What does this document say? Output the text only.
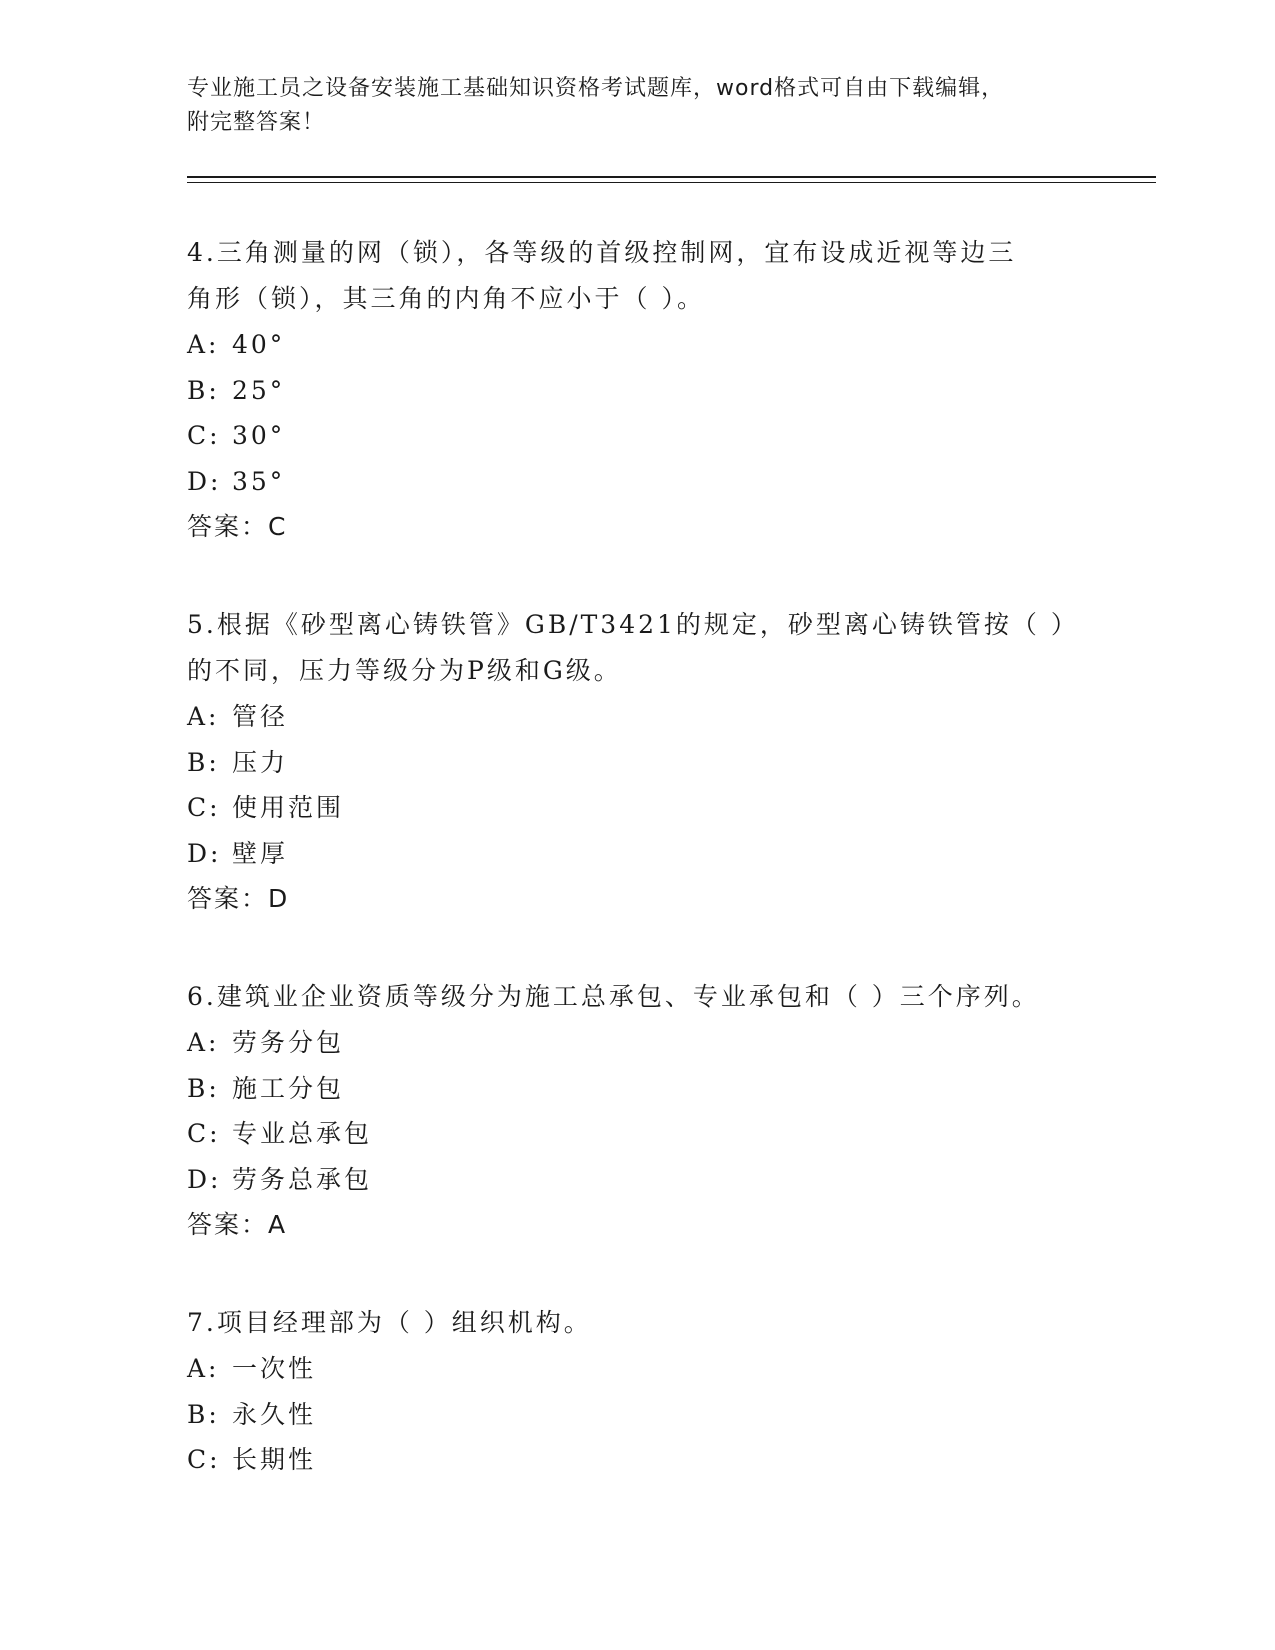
专业施工员之设备安装施工基础知识资格考试题库，word格式可自由下载编辑，
附完整答案！

4.三角测量的网（锁），各等级的首级控制网，宜布设成近视等边三

角形（锁），其三角的内角不应小于（ ）。

A: 40°

B: 25°

C: 30°

D: 35°

答案：C

5.根据《砂型离心铸铁管》GB/T3421的规定，砂型离心铸铁管按（ ）

的不同，压力等级分为P级和G级。

A: 管径

B: 压力

C: 使用范围

D: 壁厚

答案：D

6.建筑业企业资质等级分为施工总承包、专业承包和（ ）三个序列。

A: 劳务分包

B: 施工分包

C: 专业总承包

D: 劳务总承包

答案：A

7.项目经理部为（ ）组织机构。

A: 一次性

B: 永久性

C: 长期性
